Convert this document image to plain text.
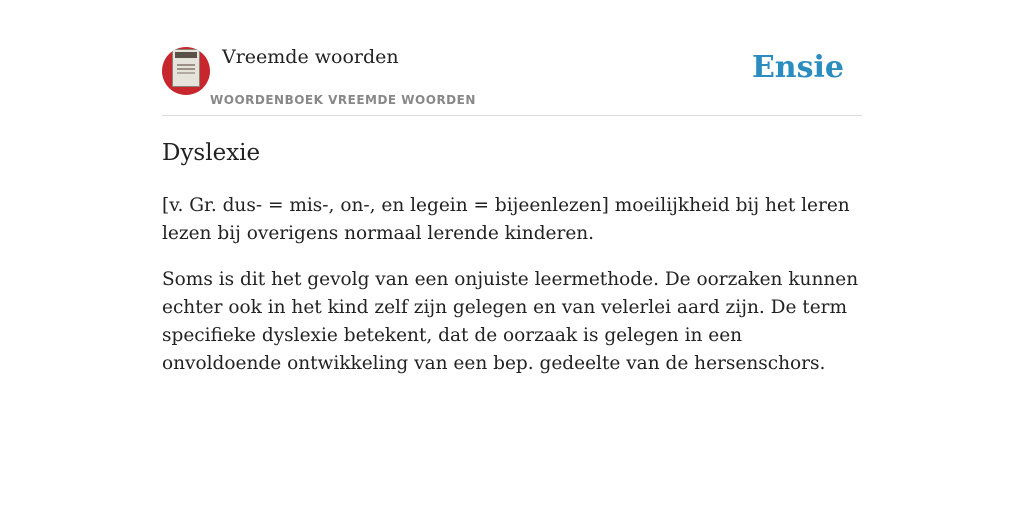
Vreemde woorden
WOORDENBOEK VREEMDE WOORDEN
Ensie
Dyslexie

[v. Gr. dus- = mis-, on-, en legein = bijeenlezen] moeilijkheid bij het leren lezen bij overigens normaal lerende kinderen.

Soms is dit het gevolg van een onjuiste leermethode. De oorzaken kunnen echter ook in het kind zelf zijn gelegen en van velerlei aard zijn. De term specifieke dyslexie betekent, dat de oorzaak is gelegen in een onvoldoende ontwikkeling van een bep. gedeelte van de hersenschors.
